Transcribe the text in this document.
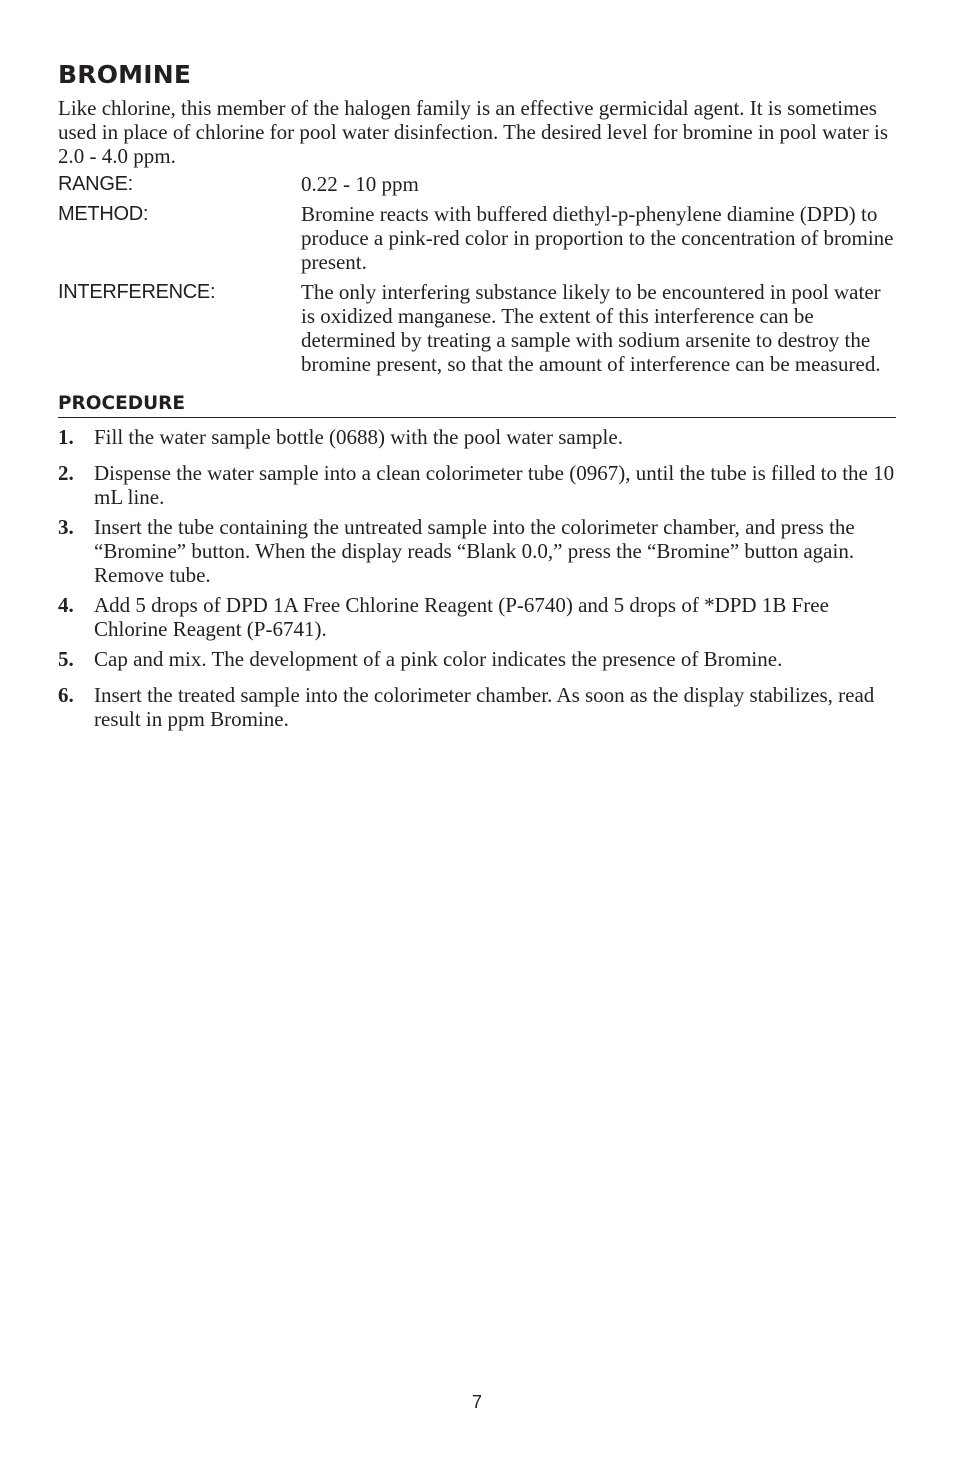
BROMINE

Like chlorine, this member of the halogen family is an effective germicidal agent. It is sometimes used in place of chlorine for pool water disinfection. The desired level for bromine in pool water is 2.0 - 4.0 ppm.

RANGE:	0.22 - 10 ppm
METHOD:	Bromine reacts with buffered diethyl-p-phenylene diamine (DPD) to produce a pink-red color in proportion to the concentration of bromine present.
INTERFERENCE:	The only interfering substance likely to be encountered in pool water is oxidized manganese. The extent of this interference can be determined by treating a sample with sodium arsenite to destroy the bromine present, so that the amount of interference can be measured.
PROCEDURE
1. Fill the water sample bottle (0688) with the pool water sample.
2. Dispense the water sample into a clean colorimeter tube (0967), until the tube is filled to the 10 mL line.
3. Insert the tube containing the untreated sample into the colorimeter chamber, and press the “Bromine” button. When the display reads “Blank 0.0,” press the “Bromine” button again. Remove tube.
4. Add 5 drops of DPD 1A Free Chlorine Reagent (P-6740) and 5 drops of *DPD 1B Free Chlorine Reagent (P-6741).
5. Cap and mix. The development of a pink color indicates the presence of Bromine.
6. Insert the treated sample into the colorimeter chamber. As soon as the display stabilizes, read result in ppm Bromine.
7
